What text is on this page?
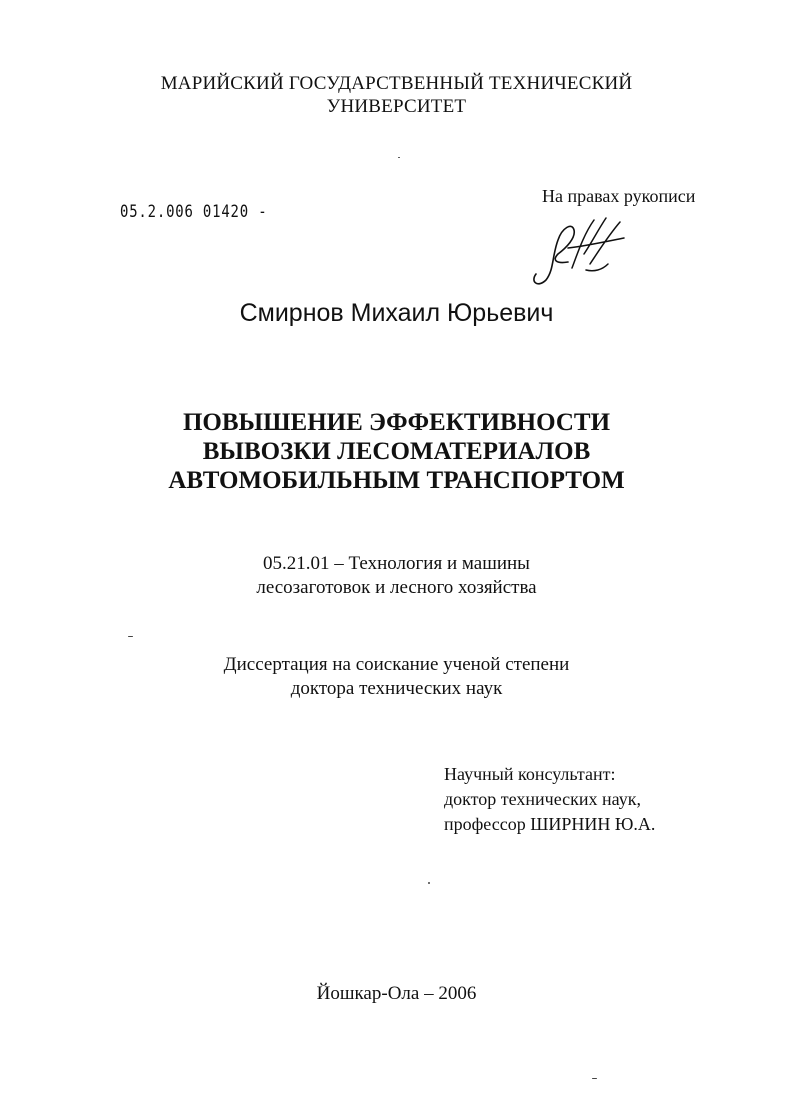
МАРИЙСКИЙ ГОСУДАРСТВЕННЫЙ ТЕХНИЧЕСКИЙ
УНИВЕРСИТЕТ
05.2.006 01420 -
На правах рукописи
Смирнов Михаил Юрьевич
ПОВЫШЕНИЕ ЭФФЕКТИВНОСТИ
ВЫВОЗКИ ЛЕСОМАТЕРИАЛОВ
АВТОМОБИЛЬНЫМ ТРАНСПОРТОМ
05.21.01 – Технология и машины
лесозаготовок и лесного хозяйства
Диссертация на соискание ученой степени
доктора технических наук
Научный консультант:
доктор технических наук,
профессор ШИРНИН Ю.А.
Йошкар-Ола – 2006
